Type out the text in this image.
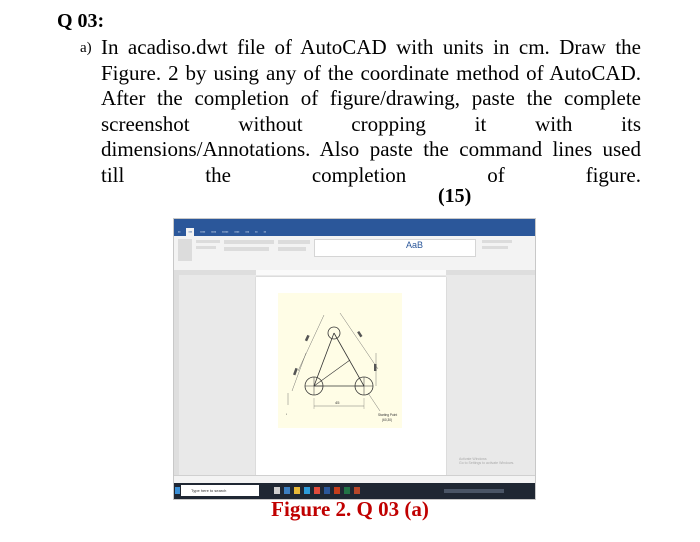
Q 03:
a) In acadiso.dwt file of AutoCAD with units in cm. Draw the
Figure. 2 by using any of the coordinate method of AutoCAD.
After the completion of figure/drawing, paste the complete
screenshot without cropping it with its
dimensions/Annotations. Also paste the command lines used
till the completion of figure.
(15)
▪▪	▪▪▪	▪▪▪▪ ▪▪▪▪ ▪▪▪▪▪ ▪▪▪▪ ▪▪▪ ▪▪ ▪▪
AaB
▪
45
Starting Point
(60,30)
Activate Windows
Go to Settings to activate Windows.
Type here to search
Figure 2. Q 03 (a)
